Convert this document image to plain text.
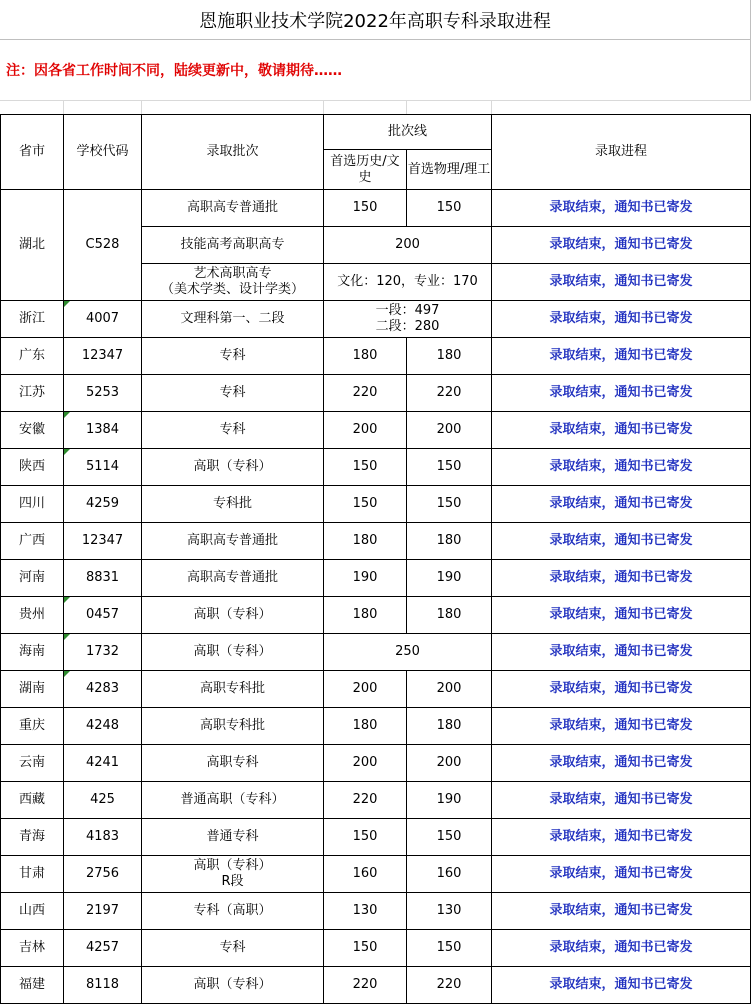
恩施职业技术学院2022年高职专科录取进程
注：因各省工作时间不同，陆续更新中，敬请期待……
省市	学校代码	录取批次	批次线		录取进程
			首选历史/文史	首选物理/理工	
湖北	C528	高职高专普通批	150	150	录取结束，通知书已寄发
		技能高考高职高专	200		录取结束，通知书已寄发

		艺术高职高专
（美术学类、设计学类）	文化：120，专业：170		录取结束，通知书已寄发
浙江	4007	文理科第一、二段	一段：497
二段：280		录取结束，通知书已寄发
广东	12347	专科	180	180	录取结束，通知书已寄发
江苏	5253	专科	220	220	录取结束，通知书已寄发
安徽	1384	专科	200	200	录取结束，通知书已寄发
陕西	5114	高职（专科）	150	150	录取结束，通知书已寄发
四川	4259	专科批	150	150	录取结束，通知书已寄发
广西	12347	高职高专普通批	180	180	录取结束，通知书已寄发
河南	8831	高职高专普通批	190	190	录取结束，通知书已寄发
贵州	0457	高职（专科）	180	180	录取结束，通知书已寄发
海南	1732	高职（专科）	250		录取结束，通知书已寄发
湖南	4283	高职专科批	200	200	录取结束，通知书已寄发
重庆	4248	高职专科批	180	180	录取结束，通知书已寄发
云南	4241	高职专科	200	200	录取结束，通知书已寄发
西藏	425	普通高职（专科）	220	190	录取结束，通知书已寄发
青海	4183	普通专科	150	150	录取结束，通知书已寄发
甘肃	2756	高职（专科）
R段	160	160	录取结束，通知书已寄发
山西	2197	专科（高职）	130	130	录取结束，通知书已寄发
吉林	4257	专科	150	150	录取结束，通知书已寄发
福建	8118	高职（专科）	220	220	录取结束，通知书已寄发
